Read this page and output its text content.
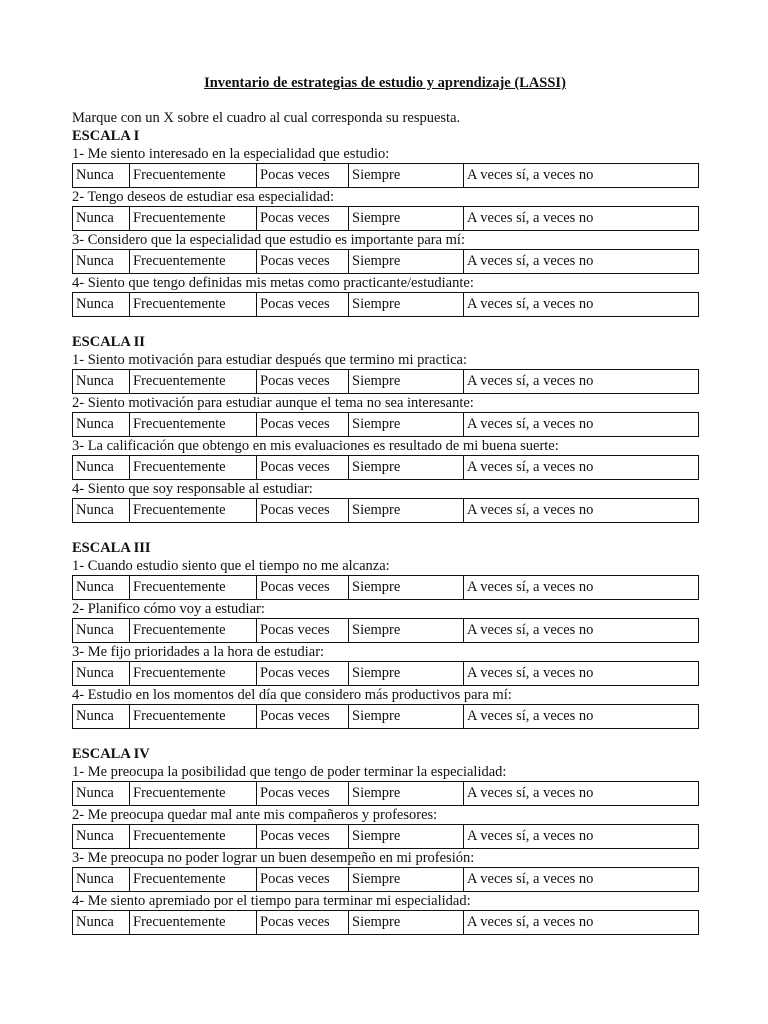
Inventario de estrategias de estudio y aprendizaje (LASSI)
Marque con un X sobre el cuadro al cual corresponda su respuesta.
ESCALA I
1- Me siento interesado en la especialidad que estudio:
Nunca	Frecuentemente	Pocas veces	Siempre	A veces sí, a veces no
2- Tengo deseos de estudiar esa especialidad:
Nunca	Frecuentemente	Pocas veces	Siempre	A veces sí, a veces no
3- Considero que la especialidad que estudio es importante para mí:
Nunca	Frecuentemente	Pocas veces	Siempre	A veces sí, a veces no
4- Siento que tengo definidas mis metas como practicante/estudiante:
Nunca	Frecuentemente	Pocas veces	Siempre	A veces sí, a veces no
ESCALA II
1- Siento motivación para estudiar después que termino mi practica:
Nunca	Frecuentemente	Pocas veces	Siempre	A veces sí, a veces no
2- Siento motivación para estudiar aunque el tema no sea interesante:
Nunca	Frecuentemente	Pocas veces	Siempre	A veces sí, a veces no
3- La calificación que obtengo en mis evaluaciones es resultado de mi buena suerte:
Nunca	Frecuentemente	Pocas veces	Siempre	A veces sí, a veces no
4- Siento que soy responsable al estudiar:
Nunca	Frecuentemente	Pocas veces	Siempre	A veces sí, a veces no
ESCALA III
1- Cuando estudio siento que el tiempo no me alcanza:
Nunca	Frecuentemente	Pocas veces	Siempre	A veces sí, a veces no
2- Planifico cómo voy a estudiar:
Nunca	Frecuentemente	Pocas veces	Siempre	A veces sí, a veces no
3- Me fijo prioridades a la hora de estudiar:
Nunca	Frecuentemente	Pocas veces	Siempre	A veces sí, a veces no
4- Estudio en los momentos del día que considero más productivos para mí:
Nunca	Frecuentemente	Pocas veces	Siempre	A veces sí, a veces no
ESCALA IV
1- Me preocupa la posibilidad que tengo de poder terminar la especialidad:
Nunca	Frecuentemente	Pocas veces	Siempre	A veces sí, a veces no
2- Me preocupa quedar mal ante mis compañeros y profesores:
Nunca	Frecuentemente	Pocas veces	Siempre	A veces sí, a veces no
3- Me preocupa no poder lograr un buen desempeño en mi profesión:
Nunca	Frecuentemente	Pocas veces	Siempre	A veces sí, a veces no
4- Me siento apremiado por el tiempo para terminar mi especialidad:
Nunca	Frecuentemente	Pocas veces	Siempre	A veces sí, a veces no
